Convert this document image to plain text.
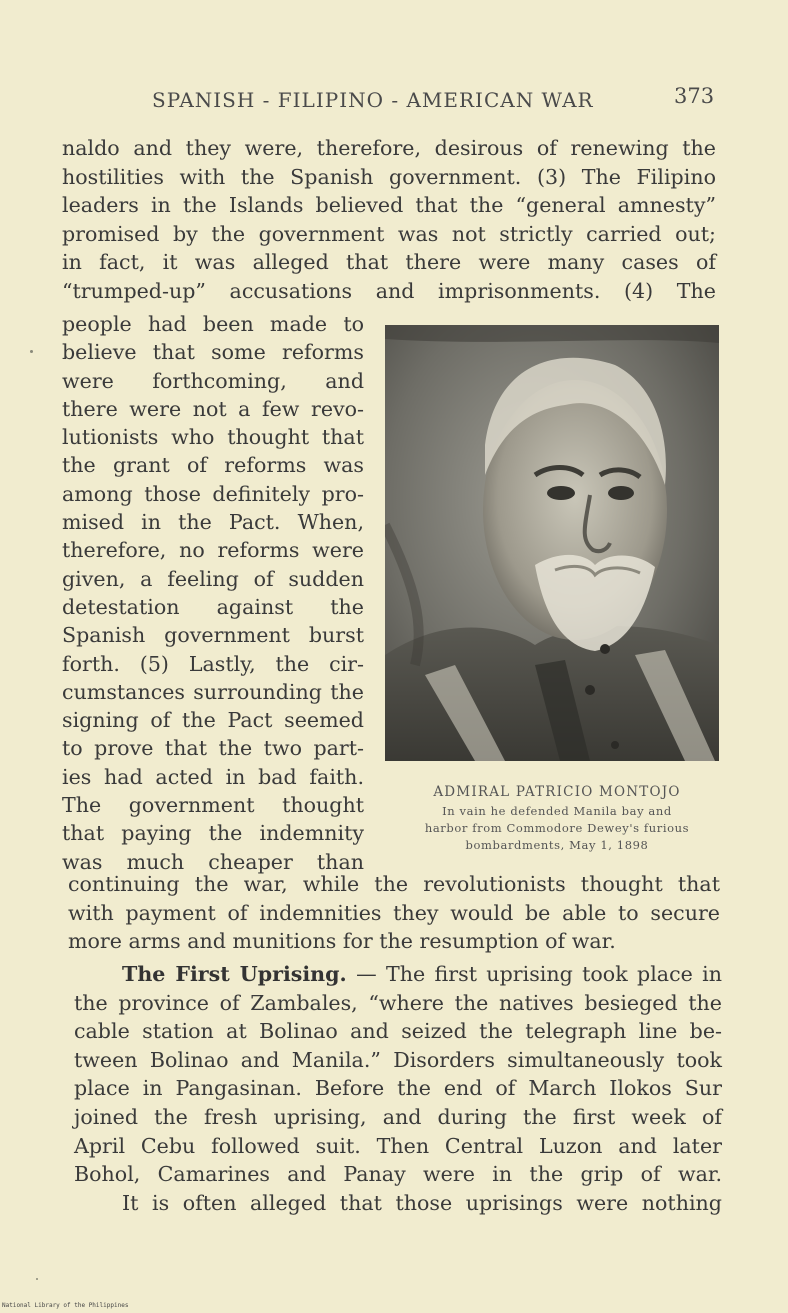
SPANISH - FILIPINO - AMERICAN WAR	373

naldo and they were, therefore, desirous of renewing the
hostilities with the Spanish government. (3) The Filipino
leaders in the Islands believed that the “general amnesty”
promised by the government was not strictly carried out;
in fact, it was alleged that there were many cases of
“trumped-up” accusations and imprisonments. (4) The

people had been made to
believe that some reforms
were forthcoming, and
there were not a few revo-
lutionists who thought that
the grant of reforms was
among those definitely pro-
mised in the Pact. When,
therefore, no reforms were
given, a feeling of sudden
detestation against the
Spanish government burst
forth. (5) Lastly, the cir-
cumstances surrounding the
signing of the Pact seemed
to prove that the two part-
ies had acted in bad faith.
The government thought
that paying the indemnity
was much cheaper than

ADMIRAL PATRICIO MONTOJO
In vain he defended Manila bay and
harbor from Commodore Dewey's furious
bombardments, May 1, 1898

continuing the war, while the revolutionists thought that
with payment of indemnities they would be able to secure
more arms and munitions for the resumption of war.

The First Uprising. — The first uprising took place in
the province of Zambales, “where the natives besieged the
cable station at Bolinao and seized the telegraph line be-
tween Bolinao and Manila.” Disorders simultaneously took
place in Pangasinan. Before the end of March Ilokos Sur
joined the fresh uprising, and during the first week of
April Cebu followed suit. Then Central Luzon and later
Bohol, Camarines and Panay were in the grip of war.
It is often alleged that those uprisings were nothing
National Library of the Philippines
